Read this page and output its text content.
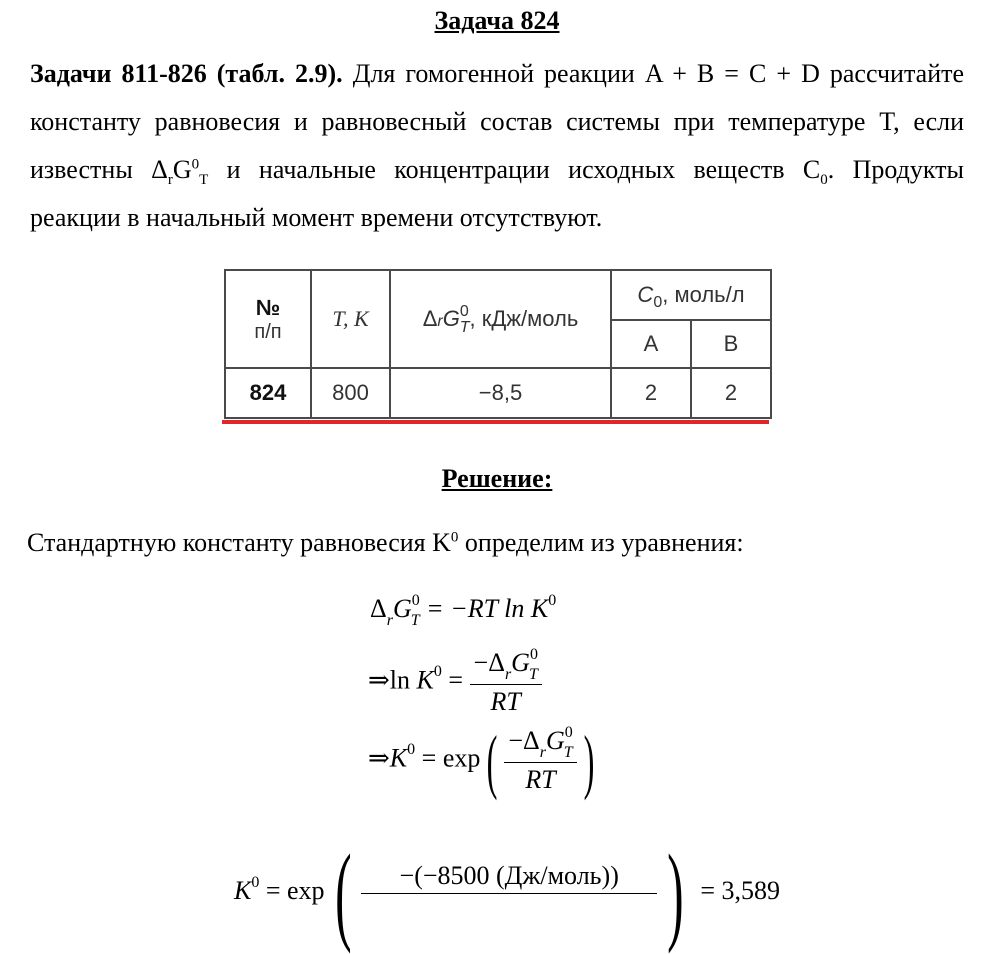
Задача 824
Задачи 811-826 (табл. 2.9). Для гомогенной реакции A + B = C + D рассчитайте константу равновесия и равновесный состав системы при температуре T, если известны $\Delta_rG^0_T$ и начальные концентрации исходных веществ $C_0$. Продукты реакции в начальный момент времени отсутствуют.
№
п/п	T, K	ΔrG$^0_T$, кДж/моль	$C_0$, моль/л	
			A	B
824	800	−8,5	2	2
Решение:
Стандартную константу равновесия $K^0$ определим из уравнения:
$\Delta_rG^0_T = -RT$ $\ln K^0$
⇒ln $K^0 = \frac{-\Delta_rG^0_T}{RT}$
$\Rightarrow K^0 = \exp( \frac{-\Delta_rG^0_T}{RT}$ )
$K^0 = \exp$(	−(−8500 (Дж/моль))
) = 3,589
